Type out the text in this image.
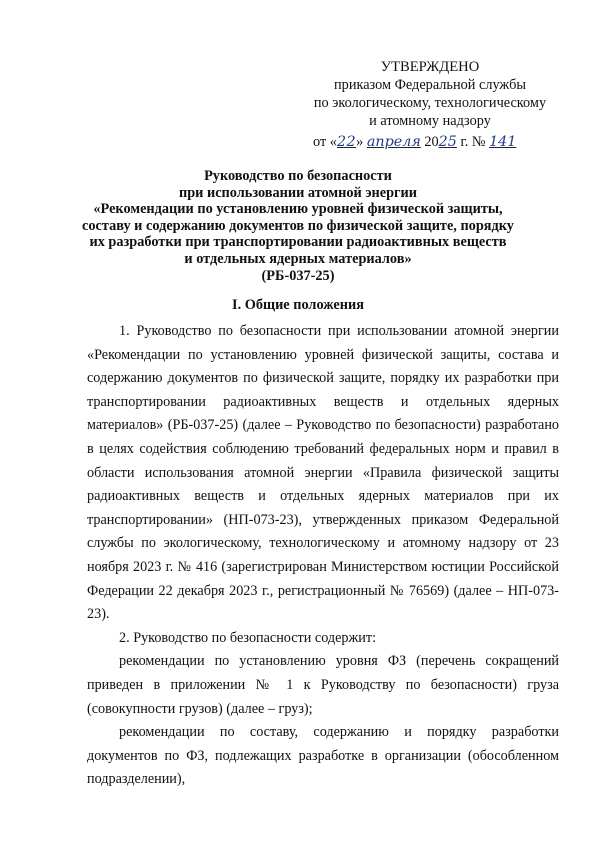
УТВЕРЖДЕНО
приказом Федеральной службы
по экологическому, технологическому
и атомному надзору
от «22» апреля 2025 г. № 141
Руководство по безопасности
при использовании атомной энергии
«Рекомендации по установлению уровней физической защиты,
составу и содержанию документов по физической защите, порядку
их разработки при транспортировании радиоактивных веществ
и отдельных ядерных материалов»
(РБ-037-25)
I. Общие положения

1. Руководство по безопасности при использовании атомной энергии «Рекомендации по установлению уровней физической защиты, состава и содержанию документов по физической защите, порядку их разработки при транспортировании радиоактивных веществ и отдельных ядерных материалов» (РБ-037-25) (далее – Руководство по безопасности) разработано в целях содействия соблюдению требований федеральных норм и правил в области использования атомной энергии «Правила физической защиты радиоактивных веществ и отдельных ядерных материалов при их транспортировании» (НП-073-23), утвержденных приказом Федеральной службы по экологическому, технологическому и атомному надзору от 23 ноября 2023 г. № 416 (зарегистрирован Министерством юстиции Российской Федерации 22 декабря 2023 г., регистрационный № 76569) (далее – НП-073-23).

2. Руководство по безопасности содержит:

рекомендации по установлению уровня ФЗ (перечень сокращений приведен в приложении № 1 к Руководству по безопасности) груза (совокупности грузов) (далее – груз);

рекомендации по составу, содержанию и порядку разработки документов по ФЗ, подлежащих разработке в организации (обособленном подразделении),
